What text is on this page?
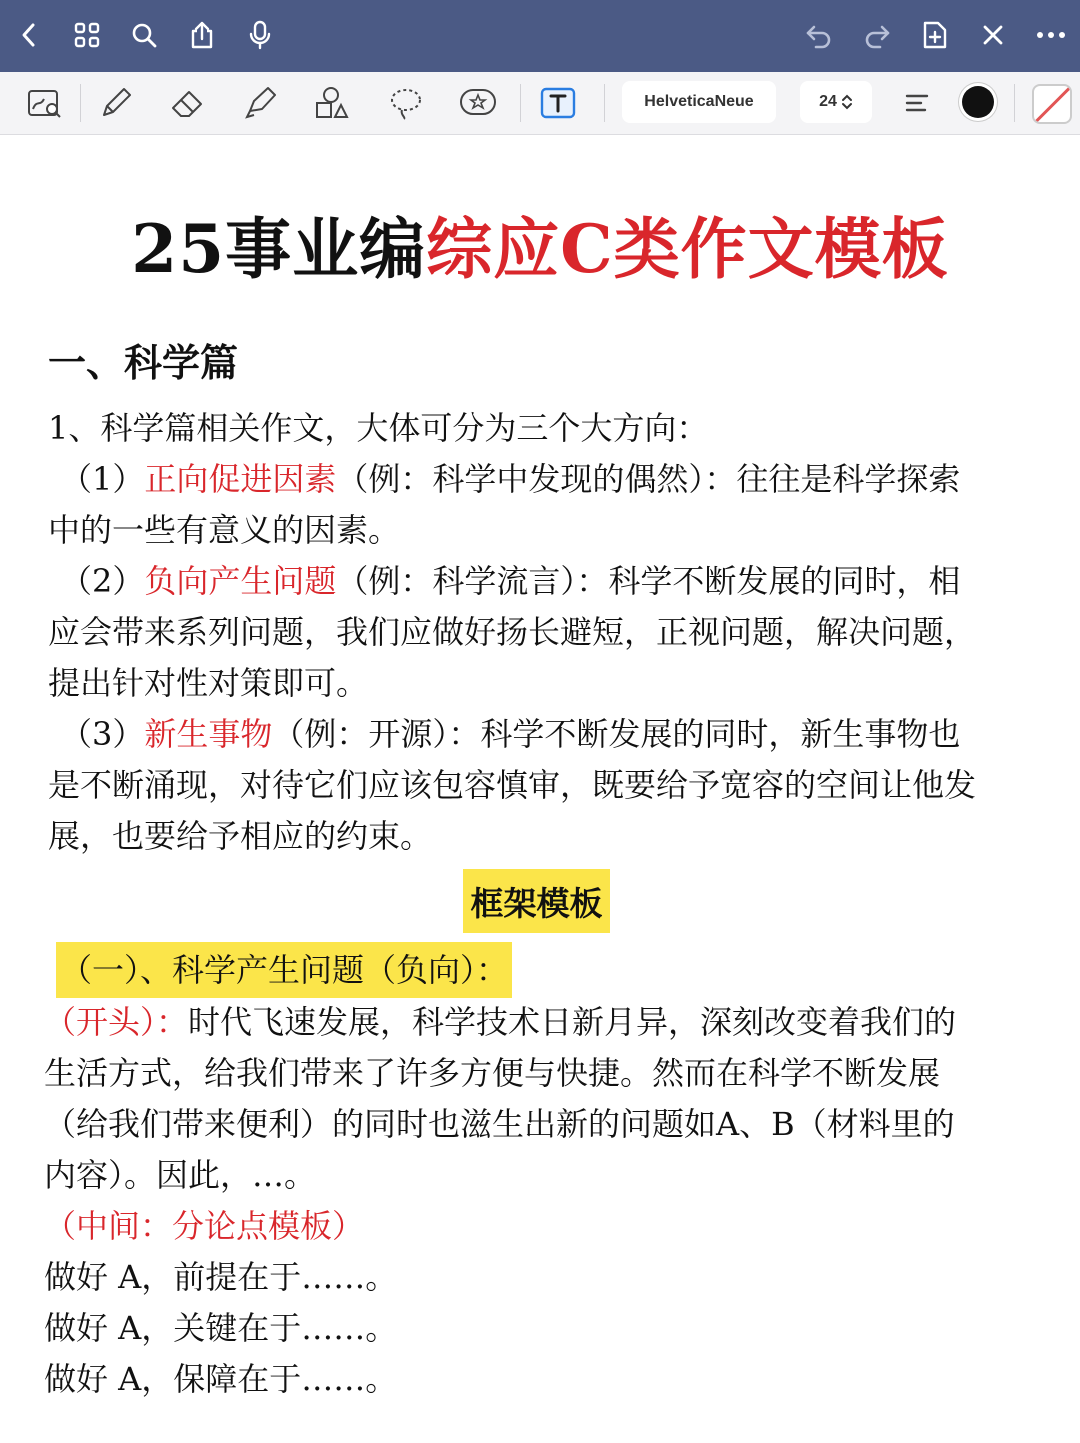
HelveticaNeue	24
25事业编综应C类作文模板
一、科学篇
1、科学篇相关作文，大体可分为三个大方向：
（1）正向促进因素（例：科学中发现的偶然）：往往是科学探索
中的一些有意义的因素。
（2）负向产生问题（例：科学流言）：科学不断发展的同时，相
应会带来系列问题，我们应做好扬长避短，正视问题，解决问题，
提出针对性对策即可。
（3）新生事物（例：开源）：科学不断发展的同时，新生事物也
是不断涌现，对待它们应该包容慎审，既要给予宽容的空间让他发
展，也要给予相应的约束。
框架模板
（一）、科学产生问题（负向）：
（开头）：时代飞速发展，科学技术日新月异，深刻改变着我们的
生活方式，给我们带来了许多方便与快捷。然而在科学不断发展
（给我们带来便利）的同时也滋生出新的问题如A、B（材料里的
内容）。因此，…。
（中间：分论点模板）
做好 A，前提在于……。
做好 A，关键在于……。
做好 A，保障在于……。
